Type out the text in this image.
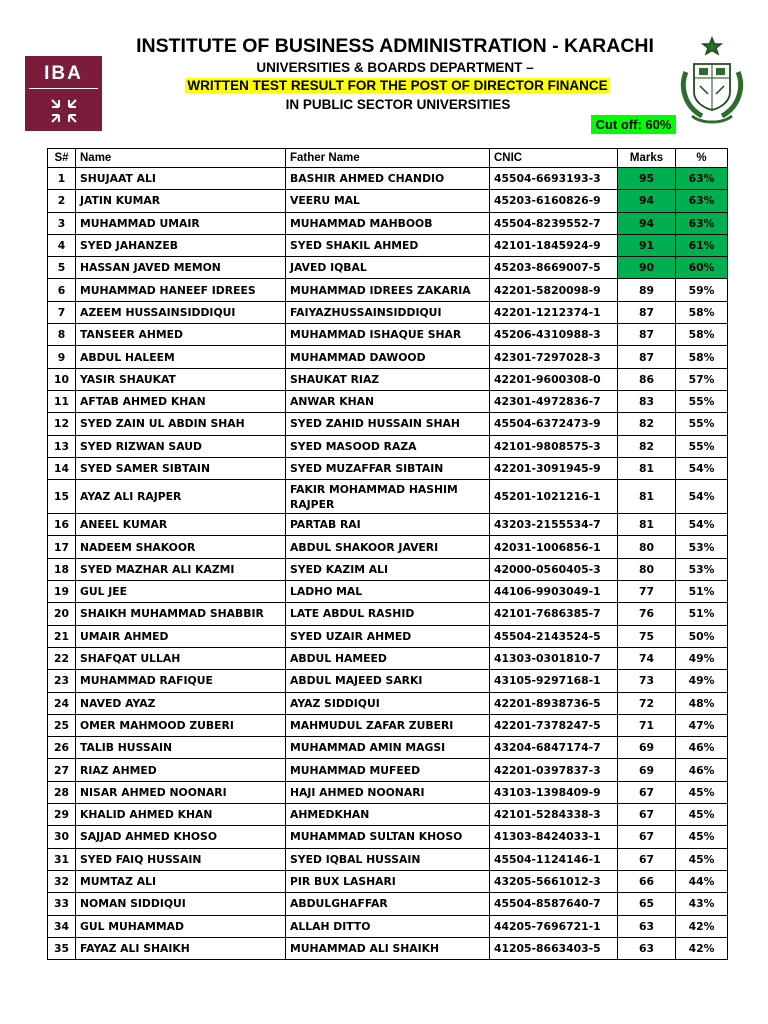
IBA
INSTITUTE OF BUSINESS ADMINISTRATION - KARACHI
UNIVERSITIES & BOARDS DEPARTMENT –
WRITTEN TEST RESULT FOR THE POST OF DIRECTOR FINANCE
IN PUBLIC SECTOR UNIVERSITIES
Cut off: 60%
S#	Name	Father Name	CNIC	Marks	%
1	SHUJAAT ALI	BASHIR AHMED CHANDIO	45504-6693193-3	95	63%
2	JATIN KUMAR	VEERU MAL	45203-6160826-9	94	63%
3	MUHAMMAD UMAIR	MUHAMMAD MAHBOOB	45504-8239552-7	94	63%
4	SYED JAHANZEB	SYED SHAKIL AHMED	42101-1845924-9	91	61%
5	HASSAN JAVED MEMON	JAVED IQBAL	45203-8669007-5	90	60%
6	MUHAMMAD HANEEF IDREES	MUHAMMAD IDREES ZAKARIA	42201-5820098-9	89	59%
7	AZEEM HUSSAINSIDDIQUI	FAIYAZHUSSAINSIDDIQUI	42201-1212374-1	87	58%
8	TANSEER AHMED	MUHAMMAD ISHAQUE SHAR	45206-4310988-3	87	58%
9	ABDUL HALEEM	MUHAMMAD DAWOOD	42301-7297028-3	87	58%
10	YASIR SHAUKAT	SHAUKAT RIAZ	42201-9600308-0	86	57%
11	AFTAB AHMED KHAN	ANWAR KHAN	42301-4972836-7	83	55%
12	SYED ZAIN UL ABDIN SHAH	SYED ZAHID HUSSAIN SHAH	45504-6372473-9	82	55%
13	SYED RIZWAN SAUD	SYED MASOOD RAZA	42101-9808575-3	82	55%
14	SYED SAMER SIBTAIN	SYED MUZAFFAR SIBTAIN	42201-3091945-9	81	54%
15	AYAZ ALI RAJPER	FAKIR MOHAMMAD HASHIM RAJPER	45201-1021216-1	81	54%
16	ANEEL KUMAR	PARTAB RAI	43203-2155534-7	81	54%
17	NADEEM SHAKOOR	ABDUL SHAKOOR JAVERI	42031-1006856-1	80	53%
18	SYED MAZHAR ALI KAZMI	SYED KAZIM ALI	42000-0560405-3	80	53%
19	GUL JEE	LADHO MAL	44106-9903049-1	77	51%
20	SHAIKH MUHAMMAD SHABBIR	LATE ABDUL RASHID	42101-7686385-7	76	51%
21	UMAIR AHMED	SYED UZAIR AHMED	45504-2143524-5	75	50%
22	SHAFQAT ULLAH	ABDUL HAMEED	41303-0301810-7	74	49%
23	MUHAMMAD RAFIQUE	ABDUL MAJEED SARKI	43105-9297168-1	73	49%
24	NAVED AYAZ	AYAZ SIDDIQUI	42201-8938736-5	72	48%
25	OMER MAHMOOD ZUBERI	MAHMUDUL ZAFAR ZUBERI	42201-7378247-5	71	47%
26	TALIB HUSSAIN	MUHAMMAD AMIN MAGSI	43204-6847174-7	69	46%
27	RIAZ AHMED	MUHAMMAD MUFEED	42201-0397837-3	69	46%
28	NISAR AHMED NOONARI	HAJI AHMED NOONARI	43103-1398409-9	67	45%
29	KHALID AHMED KHAN	AHMEDKHAN	42101-5284338-3	67	45%
30	SAJJAD AHMED KHOSO	MUHAMMAD SULTAN KHOSO	41303-8424033-1	67	45%
31	SYED FAIQ HUSSAIN	SYED IQBAL HUSSAIN	45504-1124146-1	67	45%
32	MUMTAZ ALI	PIR BUX LASHARI	43205-5661012-3	66	44%
33	NOMAN SIDDIQUI	ABDULGHAFFAR	45504-8587640-7	65	43%
34	GUL MUHAMMAD	ALLAH DITTO	44205-7696721-1	63	42%
35	FAYAZ ALI SHAIKH	MUHAMMAD ALI SHAIKH	41205-8663403-5	63	42%
